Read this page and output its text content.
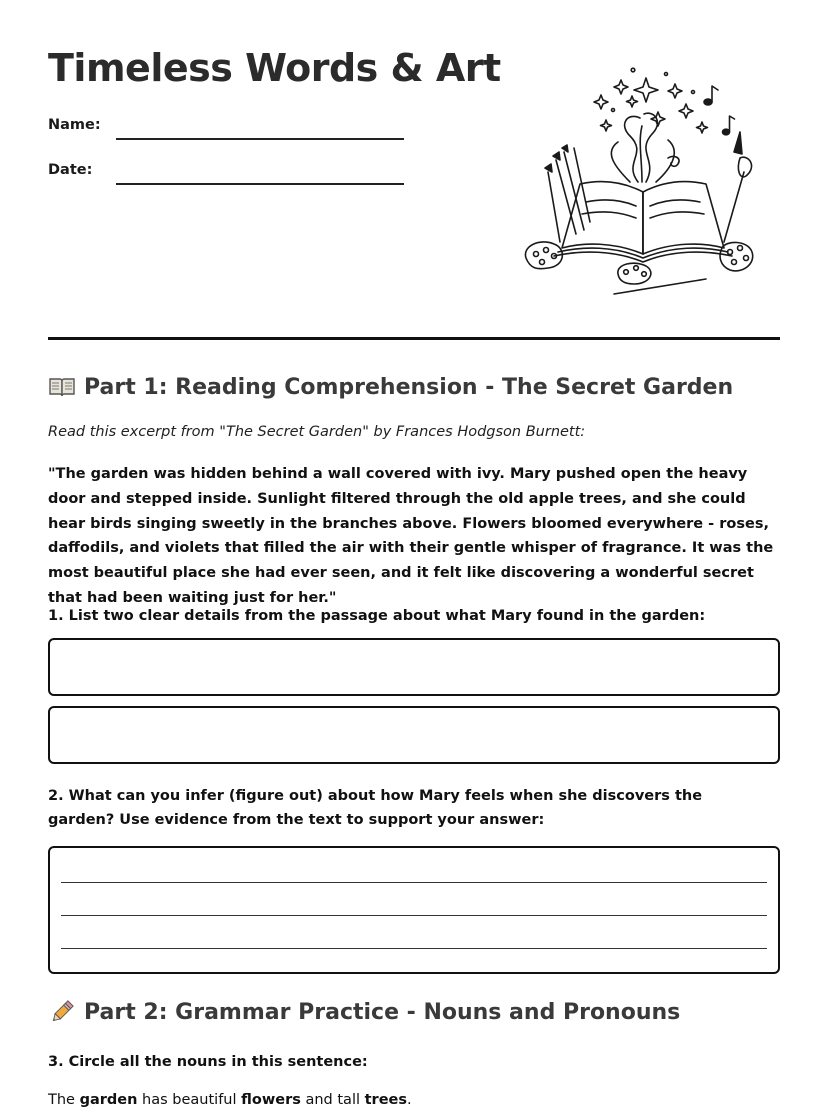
Timeless Words & Art
Name:
Date:
Part 1: Reading Comprehension - The Secret Garden
Read this excerpt from "The Secret Garden" by Frances Hodgson Burnett:

"The garden was hidden behind a wall covered with ivy. Mary pushed open the heavy door and stepped inside. Sunlight filtered through the old apple trees, and she could hear birds singing sweetly in the branches above. Flowers bloomed everywhere - roses, daffodils, and violets that filled the air with their gentle whisper of fragrance. It was the most beautiful place she had ever seen, and it felt like discovering a wonderful secret that had been waiting just for her."

1. List two clear details from the passage about what Mary found in the garden:

2. What can you infer (figure out) about how Mary feels when she discovers the garden? Use evidence from the text to support your answer:

Part 2: Grammar Practice - Nouns and Pronouns

3. Circle all the nouns in this sentence:

The garden has beautiful flowers and tall trees.
